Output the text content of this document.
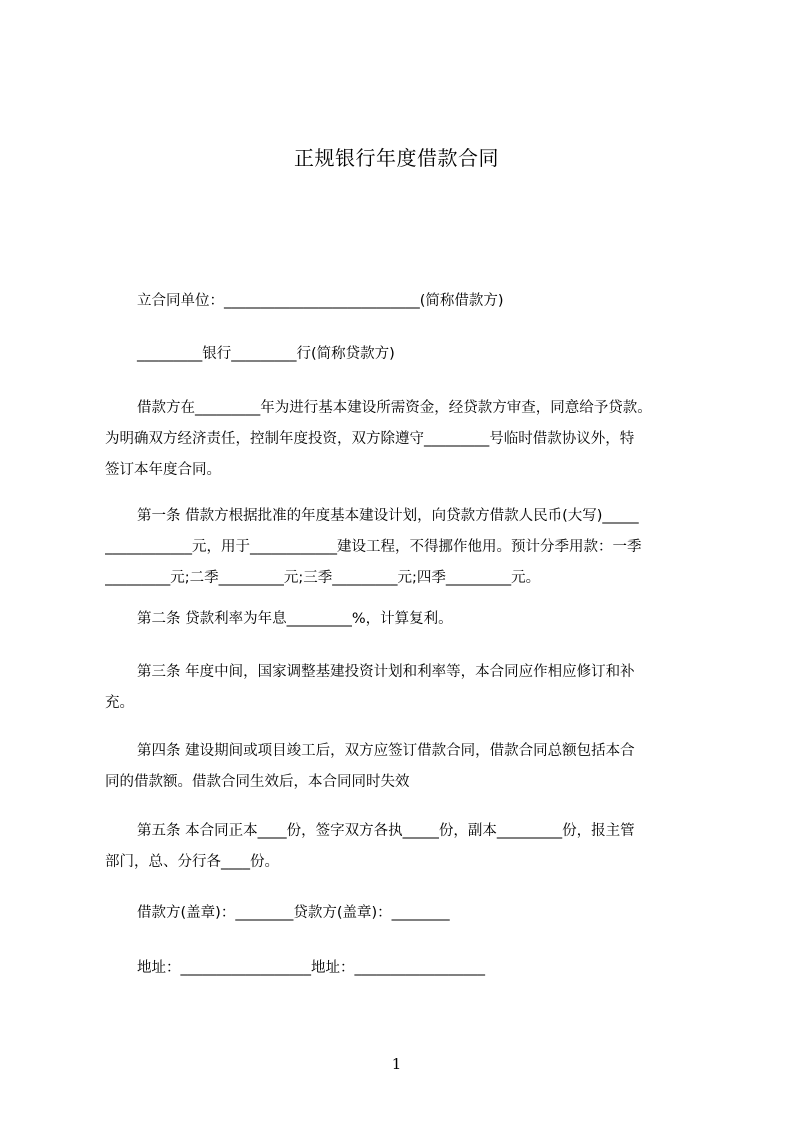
正规银行年度借款合同
立合同单位：___________________________(简称借款方)
_________银行_________行(简称贷款方)
借款方在_________年为进行基本建设所需资金，经贷款方审查，同意给予贷款。
为明确双方经济责任，控制年度投资，双方除遵守_________号临时借款协议外，特
签订本年度合同。
第一条 借款方根据批准的年度基本建设计划，向贷款方借款人民币(大写)_____
____________元，用于____________建设工程，不得挪作他用。预计分季用款：一季
_________元;二季_________元;三季_________元;四季_________元。
第二条 贷款利率为年息_________%，计算复利。
第三条 年度中间，国家调整基建投资计划和利率等，本合同应作相应修订和补
充。
第四条 建设期间或项目竣工后，双方应签订借款合同，借款合同总额包括本合
同的借款额。借款合同生效后，本合同同时失效
第五条 本合同正本____份，签字双方各执_____份，副本_________份，报主管
部门，总、分行各____份。
借款方(盖章)：________贷款方(盖章)：________
地址：__________________地址：__________________
1
